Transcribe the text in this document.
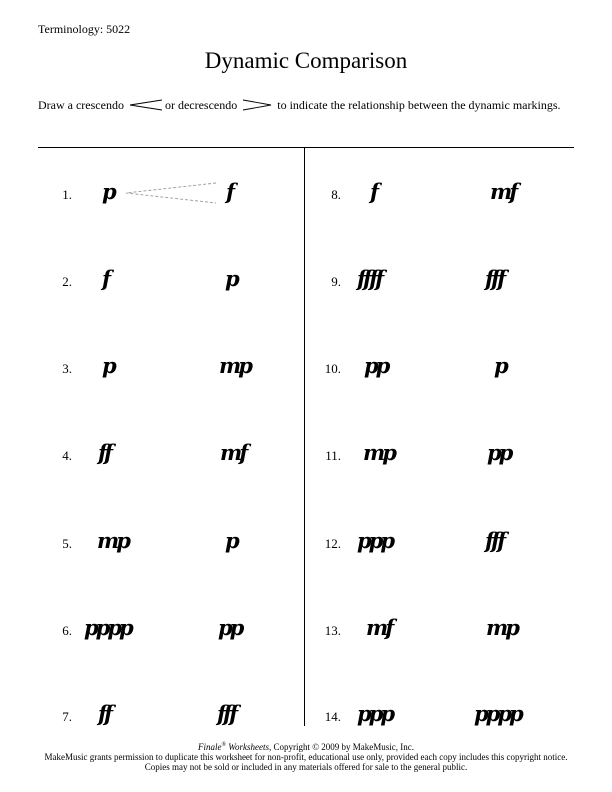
Terminology: 5022
Dynamic Comparison
Draw a crescendo	or decrescendo	to indicate the relationship between the dynamic markings.
1. p	f
2. f	p
3. p	mp
4. ff	mf
5. mp	p
6. pppp	pp
7. ff	fff
8. f	mf
9. ffff	fff
10. pp	p
11. mp	pp
12. ppp	fff
13. mf	mp
14. ppp	pppp
Finale® Worksheets, Copyright © 2009 by MakeMusic, Inc.
MakeMusic grants permission to duplicate this worksheet for non-profit, educational use only, provided each copy includes this copyright notice.
Copies may not be sold or included in any materials offered for sale to the general public.
